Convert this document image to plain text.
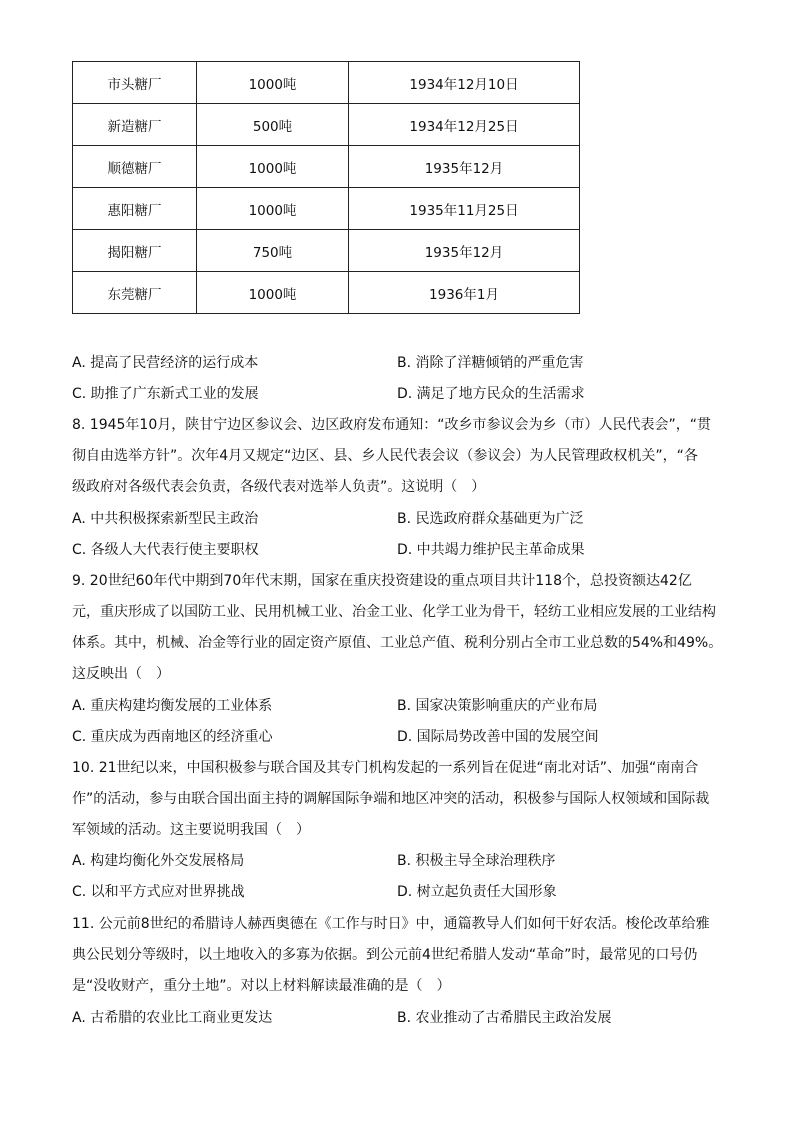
市头糖厂	1000吨	1934年12月10日
新造糖厂	500吨	1934年12月25日
顺德糖厂	1000吨	1935年12月
惠阳糖厂	1000吨	1935年11月25日
揭阳糖厂	750吨	1935年12月
东莞糖厂	1000吨	1936年1月
A. 提高了民营经济的运行成本	B. 消除了洋糖倾销的严重危害
C. 助推了广东新式工业的发展	D. 满足了地方民众的生活需求
8. 1945年10月，陕甘宁边区参议会、边区政府发布通知：“改乡市参议会为乡（市）人民代表会”，“贯
彻自由选举方针”。次年4月又规定“边区、县、乡人民代表会议（参议会）为人民管理政权机关”，“各
级政府对各级代表会负责，各级代表对选举人负责”。这说明（　）
A. 中共积极探索新型民主政治	B. 民选政府群众基础更为广泛
C. 各级人大代表行使主要职权	D. 中共竭力维护民主革命成果
9. 20世纪60年代中期到70年代末期，国家在重庆投资建设的重点项目共计118个，总投资额达42亿
元，重庆形成了以国防工业、民用机械工业、冶金工业、化学工业为骨干，轻纺工业相应发展的工业结构
体系。其中，机械、冶金等行业的固定资产原值、工业总产值、税利分别占全市工业总数的54%和49%。
这反映出（　）
A. 重庆构建均衡发展的工业体系	B. 国家决策影响重庆的产业布局
C. 重庆成为西南地区的经济重心	D. 国际局势改善中国的发展空间
10. 21世纪以来，中国积极参与联合国及其专门机构发起的一系列旨在促进“南北对话”、加强“南南合
作”的活动，参与由联合国出面主持的调解国际争端和地区冲突的活动，积极参与国际人权领域和国际裁
军领域的活动。这主要说明我国（　）
A. 构建均衡化外交发展格局	B. 积极主导全球治理秩序
C. 以和平方式应对世界挑战	D. 树立起负责任大国形象
11. 公元前8世纪的希腊诗人赫西奥德在《工作与时日》中，通篇教导人们如何干好农活。梭伦改革给雅
典公民划分等级时，以土地收入的多寡为依据。到公元前4世纪希腊人发动“革命”时，最常见的口号仍
是“没收财产，重分土地”。对以上材料解读最准确的是（　）
A. 古希腊的农业比工商业更发达	B. 农业推动了古希腊民主政治发展
